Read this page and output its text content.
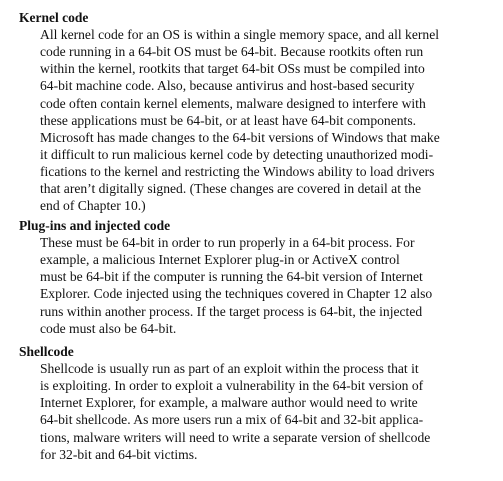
Kernel code
All kernel code for an OS is within a single memory space, and all kernel
code running in a 64-bit OS must be 64-bit. Because rootkits often run
within the kernel, rootkits that target 64-bit OSs must be compiled into
64-bit machine code. Also, because antivirus and host-based security
code often contain kernel elements, malware designed to interfere with
these applications must be 64-bit, or at least have 64-bit components.
Microsoft has made changes to the 64-bit versions of Windows that make
it difficult to run malicious kernel code by detecting unauthorized modi-
fications to the kernel and restricting the Windows ability to load drivers
that aren’t digitally signed. (These changes are covered in detail at the
end of Chapter 10.)
Plug-ins and injected code
These must be 64-bit in order to run properly in a 64-bit process. For
example, a malicious Internet Explorer plug-in or ActiveX control
must be 64-bit if the computer is running the 64-bit version of Internet
Explorer. Code injected using the techniques covered in Chapter 12 also
runs within another process. If the target process is 64-bit, the injected
code must also be 64-bit.
Shellcode
Shellcode is usually run as part of an exploit within the process that it
is exploiting. In order to exploit a vulnerability in the 64-bit version of
Internet Explorer, for example, a malware author would need to write
64-bit shellcode. As more users run a mix of 64-bit and 32-bit applica-
tions, malware writers will need to write a separate version of shellcode
for 32-bit and 64-bit victims.
